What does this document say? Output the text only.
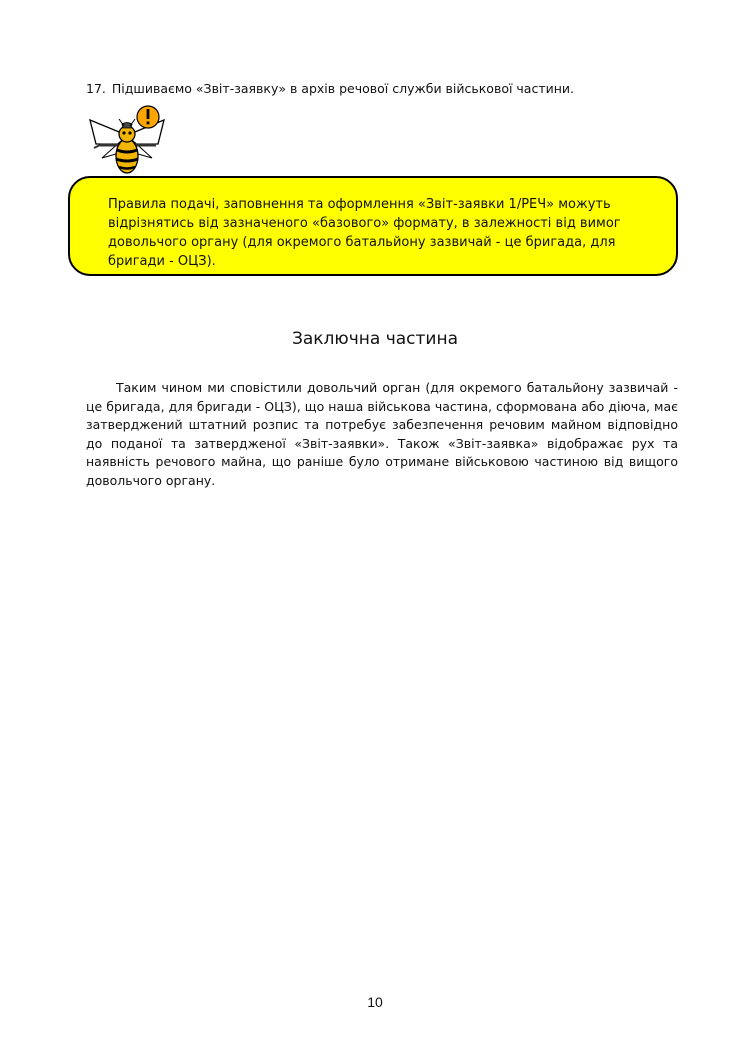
17. Підшиваємо «Звіт-заявку» в архів речової служби військової частини.
Правила подачі, заповнення та оформлення «Звіт-заявки 1/РЕЧ» можуть відрізнятись від зазначеного «базового» формату, в залежності від вимог довольчого органу (для окремого батальйону зазвичай - це бригада, для бригади - ОЦЗ).
Заключна частина
Таким чином ми сповістили довольчий орган (для окремого батальйону зазвичай - це бригада, для бригади - ОЦЗ), що наша військова частина, сформована або діюча, має затверджений штатний розпис та потребує забезпечення речовим майном відповідно до поданої та затвердженої «Звіт-заявки». Також «Звіт-заявка» відображає рух та наявність речового майна, що раніше було отримане військовою частиною від вищого довольчого органу.
10
